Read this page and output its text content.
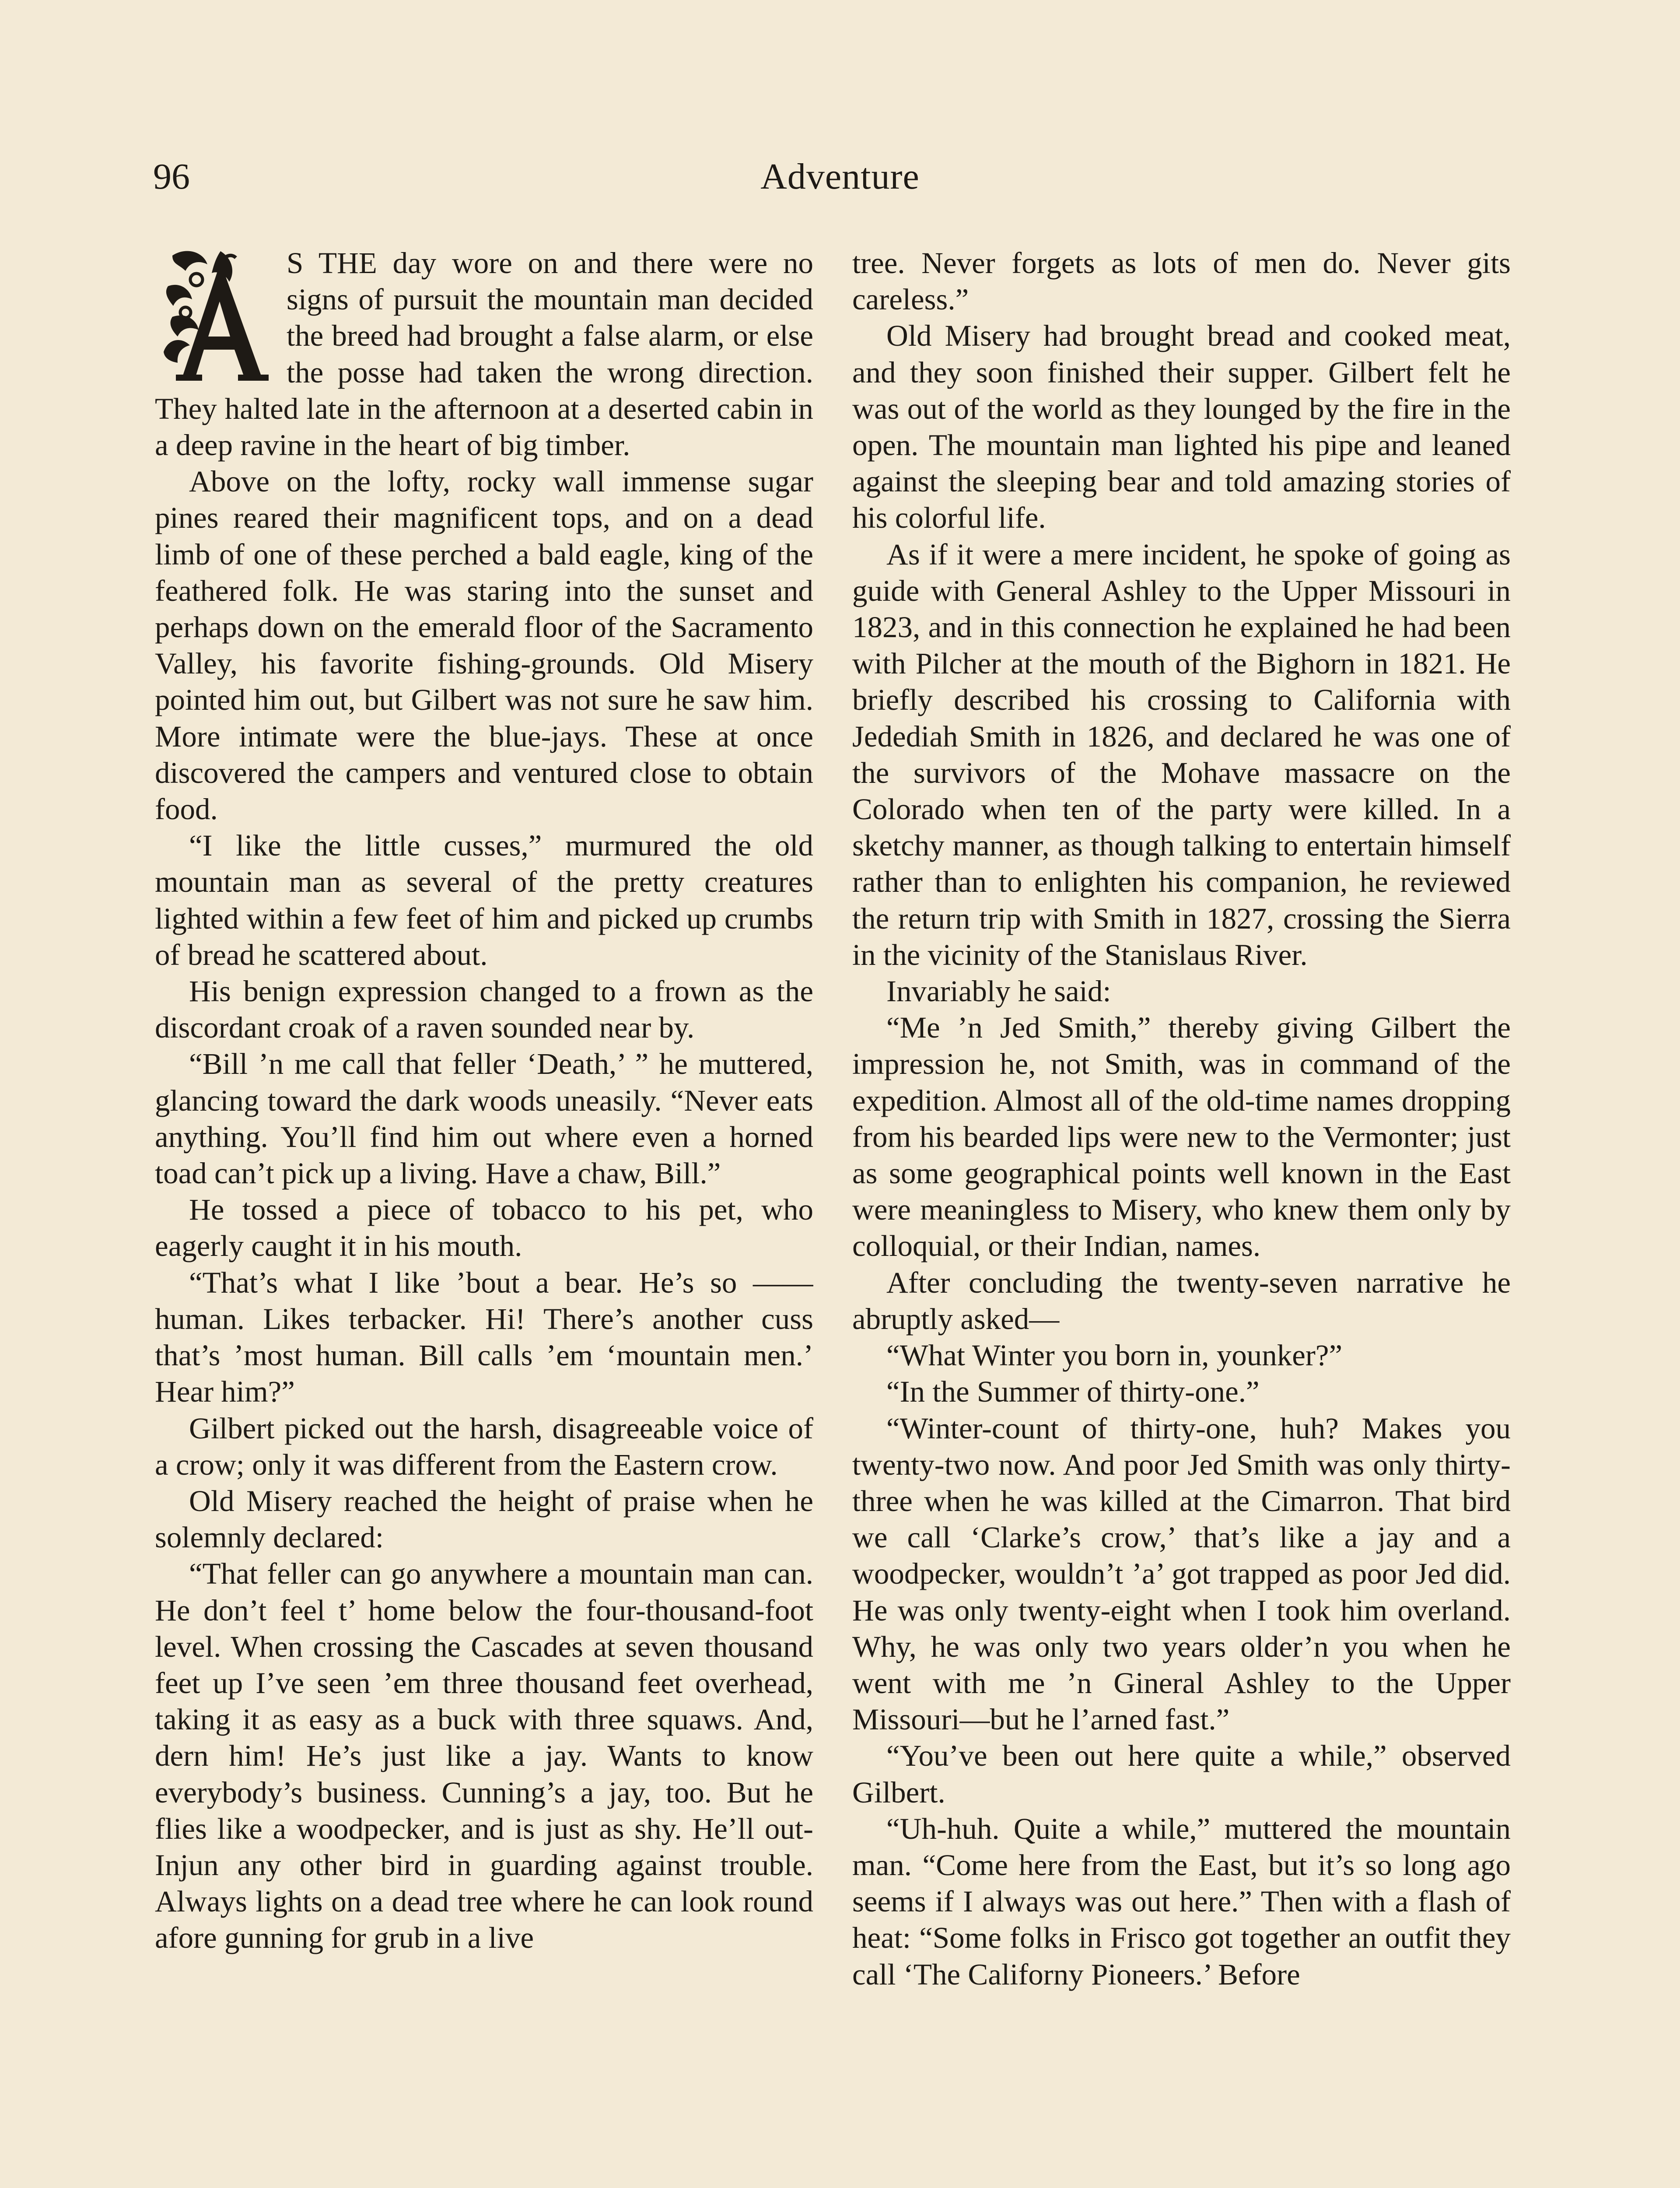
96	Adventure

S THE day wore on and there were no signs of pursuit the mountain man decided the breed had brought a false alarm, or else the posse had taken the wrong direction. They halted late in the afternoon at a deserted cabin in a deep ravine in the heart of big timber.

Above on the lofty, rocky wall immense sugar pines reared their magnificent tops, and on a dead limb of one of these perched a bald eagle, king of the feathered folk. He was staring into the sunset and perhaps down on the emerald floor of the Sacramento Valley, his favorite fishing-grounds. Old Misery pointed him out, but Gilbert was not sure he saw him. More intimate were the blue-jays. These at once discovered the campers and ventured close to obtain food.

“I like the little cusses,” murmured the old mountain man as several of the pretty creatures lighted within a few feet of him and picked up crumbs of bread he scattered about.

His benign expression changed to a frown as the discordant croak of a raven sounded near by.

“Bill ’n me call that feller ‘Death,’ ” he muttered, glancing toward the dark woods uneasily. “Never eats anything. You’ll find him out where even a horned toad can’t pick up a living. Have a chaw, Bill.”

He tossed a piece of tobacco to his pet, who eagerly caught it in his mouth.

“That’s what I like ’bout a bear. He’s so —— human. Likes terbacker. Hi! There’s another cuss that’s ’most human. Bill calls ’em ‘mountain men.’ Hear him?”

Gilbert picked out the harsh, disagreeable voice of a crow; only it was different from the Eastern crow.

Old Misery reached the height of praise when he solemnly declared:

“That feller can go anywhere a mountain man can. He don’t feel t’ home below the four-thousand-foot level. When crossing the Cascades at seven thousand feet up I’ve seen ’em three thousand feet overhead, taking it as easy as a buck with three squaws. And, dern him! He’s just like a jay. Wants to know everybody’s business. Cunning’s a jay, too. But he flies like a woodpecker, and is just as shy. He’ll out-Injun any other bird in guarding against trouble. Always lights on a dead tree where he can look round afore gunning for grub in a live

tree. Never forgets as lots of men do. Never gits careless.”

Old Misery had brought bread and cooked meat, and they soon finished their supper. Gilbert felt he was out of the world as they lounged by the fire in the open. The mountain man lighted his pipe and leaned against the sleeping bear and told amazing stories of his colorful life.

As if it were a mere incident, he spoke of going as guide with General Ashley to the Upper Missouri in 1823, and in this connection he explained he had been with Pilcher at the mouth of the Bighorn in 1821. He briefly described his crossing to California with Jedediah Smith in 1826, and declared he was one of the survivors of the Mohave massacre on the Colorado when ten of the party were killed. In a sketchy manner, as though talking to entertain himself rather than to enlighten his companion, he reviewed the return trip with Smith in 1827, crossing the Sierra in the vicinity of the Stanislaus River.

Invariably he said:

“Me ’n Jed Smith,” thereby giving Gilbert the impression he, not Smith, was in command of the expedition. Almost all of the old-time names dropping from his bearded lips were new to the Vermonter; just as some geographical points well known in the East were meaningless to Misery, who knew them only by colloquial, or their Indian, names.

After concluding the twenty-seven narrative he abruptly asked—

“What Winter you born in, younker?”

“In the Summer of thirty-one.”

“Winter-count of thirty-one, huh? Makes you twenty-two now. And poor Jed Smith was only thirty-three when he was killed at the Cimarron. That bird we call ‘Clarke’s crow,’ that’s like a jay and a woodpecker, wouldn’t ’a’ got trapped as poor Jed did. He was only twenty-eight when I took him overland. Why, he was only two years older’n you when he went with me ’n Gineral Ashley to the Upper Missouri—but he l’arned fast.”

“You’ve been out here quite a while,” observed Gilbert.

“Uh-huh. Quite a while,” muttered the mountain man. “Come here from the East, but it’s so long ago seems if I always was out here.” Then with a flash of heat: “Some folks in Frisco got together an outfit they call ‘The Californy Pioneers.’ Before
